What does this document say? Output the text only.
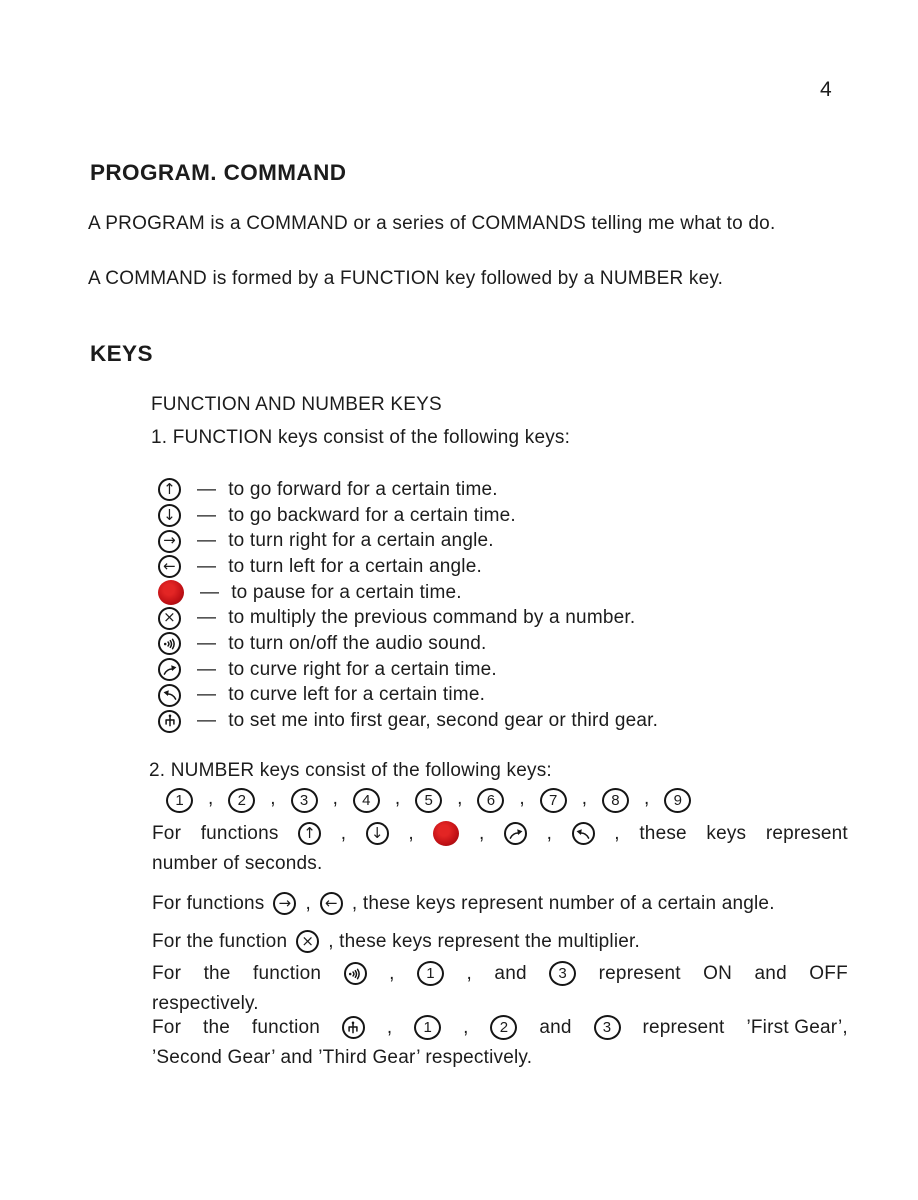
4
PROGRAM. COMMAND
A PROGRAM is a COMMAND or a series of COMMANDS telling me what to do.
A COMMAND is formed by a FUNCTION key followed by a NUMBER key.
KEYS
FUNCTION AND NUMBER KEYS
1. FUNCTION keys consist of the following keys:
↑ — to go forward for a certain time.
↓ — to go backward for a certain time.
→ — to turn right for a certain angle.
← — to turn left for a certain angle.
— to pause for a certain time.
× — to multiply the previous command by a number.
— to turn on/off the audio sound.
— to curve right for a certain time.
— to curve left for a certain time.
— to set me into first gear, second gear or third gear.
2. NUMBER keys consist of the following keys:
1	,	2	,	3	,	4	,	5	,	6	,	7	,	8	,	9
For functions	↑ ,	↓ ,	,	,	, these keys represent
number of seconds.
For functions → , ← , these keys represent number of a certain angle.
For the function × , these keys represent the multiplier.
For the function	,	1	, and	3	represent ON and OFF
respectively.
For the function	,	1	,	2	and	3	represent ’First Gear’,
’Second Gear’ and ’Third Gear’ respectively.
